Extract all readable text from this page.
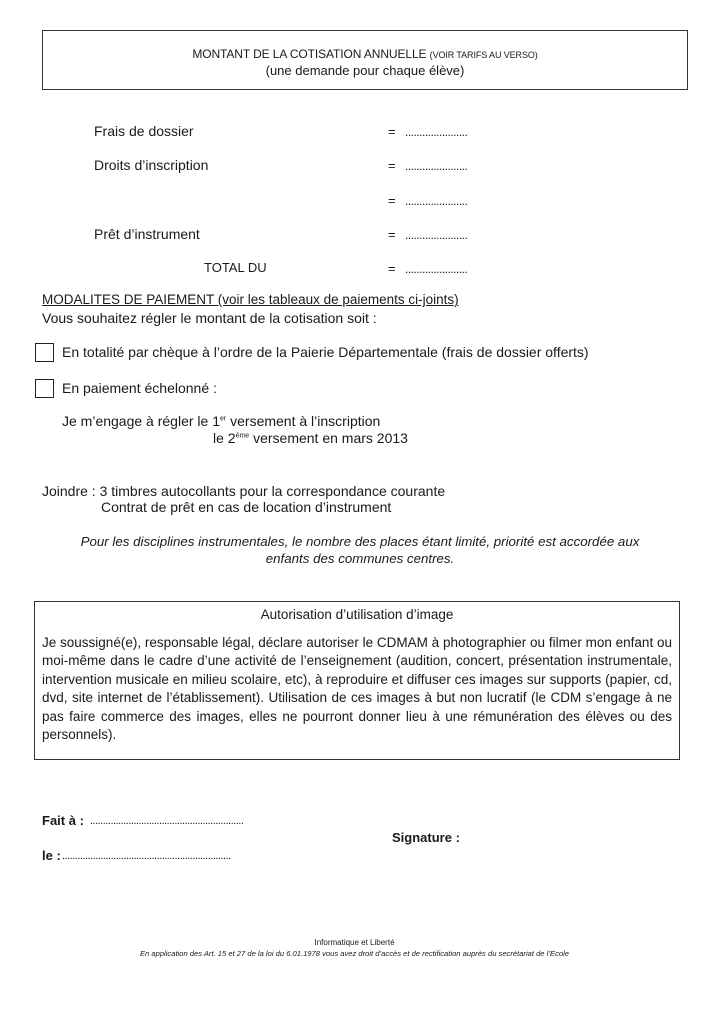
MONTANT DE LA COTISATION ANNUELLE (VOIR TARIFS AU VERSO)
(une demande pour chaque élève)
Frais de dossier
Droits d’inscription
Prêt d’instrument
TOTAL DU
= ......................
= ......................
= ......................
= ......................
= ......................
MODALITES DE PAIEMENT (voir les tableaux de paiements ci-joints)
Vous souhaitez régler le montant de la cotisation soit :
En totalité par chèque à l’ordre de la Paierie Départementale (frais de dossier offerts)
En paiement échelonné :
Je m’engage à régler le 1er versement à l’inscription
le 2ème versement en mars 2013
Joindre : 3 timbres autocollants pour la correspondance courante
Contrat de prêt en cas de location d’instrument
Pour les disciplines instrumentales, le nombre des places étant limité, priorité est accordée aux
enfants des communes centres.
Autorisation d’utilisation d’image
Je soussigné(e), responsable légal, déclare autoriser le CDMAM à photographier ou filmer mon enfant ou moi-même dans le cadre d’une activité de l’enseignement (audition, concert, présentation instrumentale, intervention musicale en milieu scolaire, etc), à reproduire et diffuser ces images sur supports (papier, cd, dvd, site internet de l’établissement). Utilisation de ces images à but non lucratif (le CDM s’engage à ne pas faire commerce des images, elles ne pourront donner lieu à une rémunération des élèves ou des personnels).
Fait à : ............................................................
Signature :
le : ..................................................................
Informatique et Liberté
En application des Art. 15 et 27 de la loi du 6.01.1978 vous avez droit d’accès et de rectification auprès du secrétariat de l’Ecole
